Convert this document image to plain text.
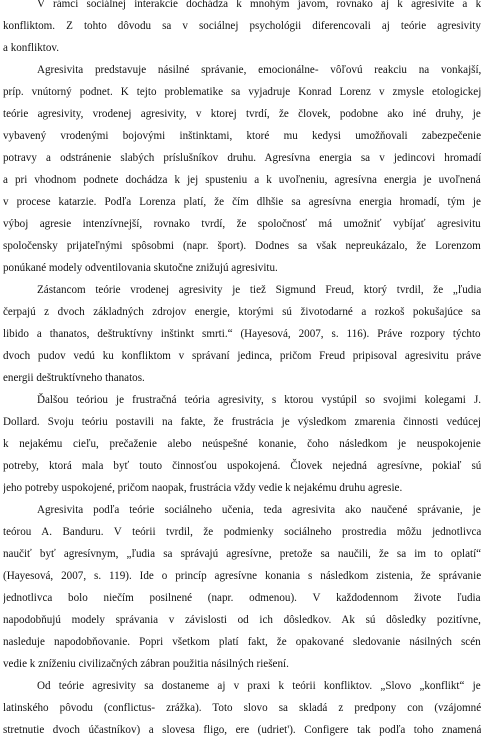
V rámci sociálnej interakcie dochádza k mnohým javom, rovnako aj k agresivite a k
konfliktom. Z tohto dôvodu sa v sociálnej psychológii diferencovali aj teórie agresivity
a konfliktov.
Agresivita predstavuje násilné správanie, emocionálne- vôľovú reakciu na vonkajší,
príp. vnútorný podnet. K tejto problematike sa vyjadruje Konrad Lorenz v zmysle etologickej
teórie agresivity, vrodenej agresivity, v ktorej tvrdí, že človek, podobne ako iné druhy, je
vybavený vrodenými bojovými inštinktami, ktoré mu kedysi umožňovali zabezpečenie
potravy a odstránenie slabých príslušníkov druhu. Agresívna energia sa v jedincovi hromadí
a pri vhodnom podnete dochádza k jej spusteniu a k uvoľneniu, agresívna energia je uvoľnená
v procese katarzie. Podľa Lorenza platí, že čím dlhšie sa agresívna energia hromadí, tým je
výboj agresie intenzívnejší, rovnako tvrdí, že spoločnosť má umožniť vybíjať agresivitu
spoločensky prijateľnými spôsobmi (napr. šport). Dodnes sa však nepreukázalo, že Lorenzom
ponúkané modely odventilovania skutočne znižujú agresivitu.
Zástancom teórie vrodenej agresivity je tiež Sigmund Freud, ktorý tvrdil, že „ľudia
čerpajú z dvoch základných zdrojov energie, ktorými sú životodarné a rozkoš pokušajúce sa
libido a thanatos, deštruktívny inštinkt smrti.“ (Hayesová, 2007, s. 116). Práve rozpory týchto
dvoch pudov vedú ku konfliktom v správaní jedinca, pričom Freud pripisoval agresivitu práve
energii deštruktívneho thanatos.
Ďalšou teóriou je frustračná teória agresivity, s ktorou vystúpil so svojimi kolegami J.
Dollard. Svoju teóriu postavili na fakte, že frustrácia je výsledkom zmarenia činnosti vedúcej
k nejakému cieľu, prečaženie alebo neúspešné konanie, čoho následkom je neuspokojenie
potreby, ktorá mala byť touto činnosťou uspokojená. Človek nejedná agresívne, pokiaľ sú
jeho potreby uspokojené, pričom naopak, frustrácia vždy vedie k nejakému druhu agresie.
Agresivita podľa teórie sociálneho učenia, teda agresivita ako naučené správanie, je
teórou A. Banduru. V teórii tvrdil, že podmienky sociálneho prostredia môžu jednotlivca
naučiť byť agresívnym, „ľudia sa správajú agresívne, pretože sa naučili, že sa im to oplatí“
(Hayesová, 2007, s. 119). Ide o princíp agresívne konania s následkom zistenia, že správanie
jednotlivca bolo niečím posilnené (napr. odmenou). V každodennom živote ľudia
napodobňujú modely správania v závislosti od ich dôsledkov. Ak sú dôsledky pozitívne,
nasleduje napodobňovanie. Popri všetkom platí fakt, že opakované sledovanie násilných scén
vedie k zníženiu civilizačných zábran použitia násilných riešení.
Od teórie agresivity sa dostaneme aj v praxi k teórii konfliktov. „Slovo „konflikt“ je
latinského pôvodu (conflictus- zrážka). Toto slovo sa skladá z predpony con (vzájomné
stretnutie dvoch účastníkov) a slovesa fligo, ere (udriet'). Configere tak podľa toho znamená
